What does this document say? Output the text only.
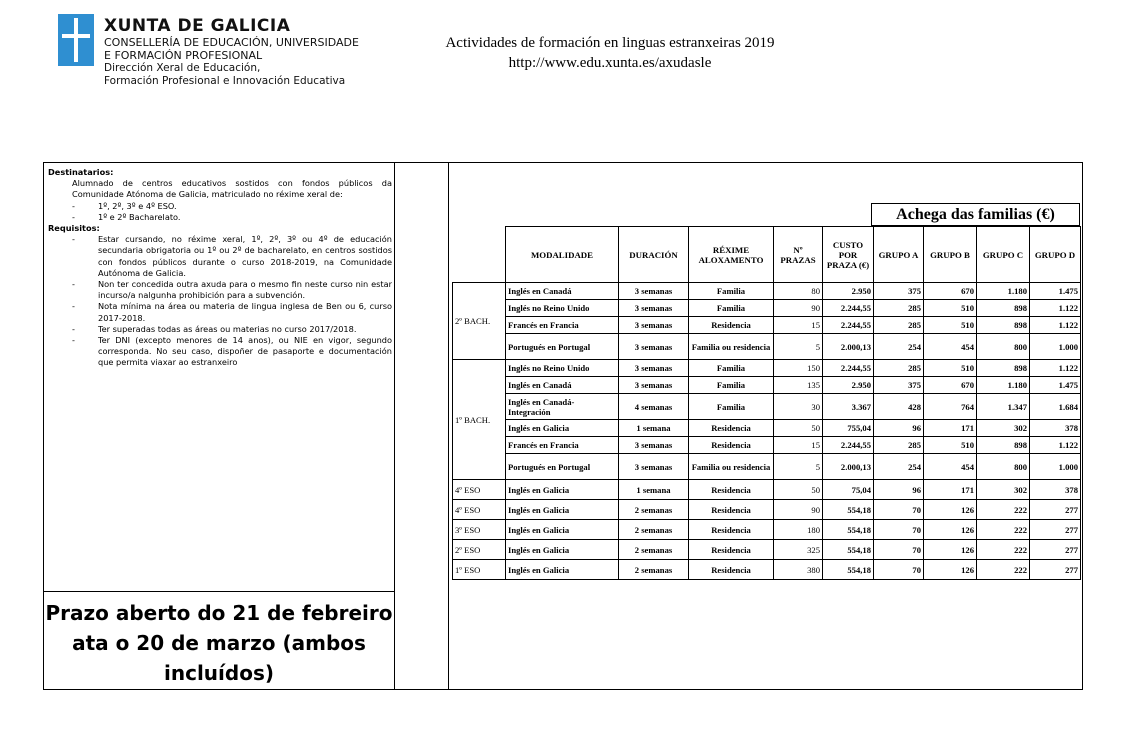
XUNTA DE GALICIA
CONSELLERÍA DE EDUCACIÓN, UNIVERSIDADE
E FORMACIÓN PROFESIONAL
Dirección Xeral de Educación,
Formación Profesional e Innovación Educativa
Actividades de formación en linguas estranxeiras 2019
http://www.edu.xunta.es/axudasle
Destinatarios:
Alumnado de centros educativos sostidos con fondos públicos da Comunidade Atónoma de Galicia, matriculado no réxime xeral de:
-	1º, 2º, 3º e 4º ESO.
-	1º e 2º Bacharelato.
Requisitos:
-	Estar cursando, no réxime xeral, 1º, 2º, 3º ou 4º de educación secundaria obrigatoria ou 1º ou 2º de bacharelato, en centros sostidos con fondos públicos durante o curso 2018-2019, na Comunidade Autónoma de Galicia.
-	Non ter concedida outra axuda para o mesmo fin neste curso nin estar incurso/a nalgunha prohibición para a subvención.
-	Nota mínima na área ou materia de lingua inglesa de Ben ou 6, curso 2017-2018.
-	Ter superadas todas as áreas ou materias no curso 2017/2018.
-	Ter DNI (excepto menores de 14 anos), ou NIE en vigor, segundo corresponda. No seu caso, dispoñer de pasaporte e documentación que permita viaxar ao estranxeiro
Prazo aberto do 21 de febreiro
ata o 20 de marzo (ambos
incluídos)
Achega das familias (€)
	MODALIDADE	DURACIÓN	RÉXIME ALOXAMENTO	Nº PRAZAS	CUSTO POR PRAZA (€)	GRUPO A	GRUPO B	GRUPO C	GRUPO D
2º BACH.	Inglés en Canadá	3 semanas	Familia	80	2.950	375	670	1.180	1.475
	Inglés no Reino Unido	3 semanas	Familia	90	2.244,55	285	510	898	1.122
	Francés en Francia	3 semanas	Residencia	15	2.244,55	285	510	898	1.122
	Portugués en Portugal	3 semanas	Familia ou residencia	5	2.000,13	254	454	800	1.000
1º BACH.	Inglés no Reino Unido	3 semanas	Familia	150	2.244,55	285	510	898	1.122
	Inglés en Canadá	3 semanas	Familia	135	2.950	375	670	1.180	1.475
	Inglés en Canadá-Integración	4 semanas	Familia	30	3.367	428	764	1.347	1.684
	Inglés en Galicia	1 semana	Residencia	50	755,04	96	171	302	378
	Francés en Francia	3 semanas	Residencia	15	2.244,55	285	510	898	1.122
	Portugués en Portugal	3 semanas	Familia ou residencia	5	2.000,13	254	454	800	1.000
4º ESO	Inglés en Galicia	1 semana	Residencia	50	75,04	96	171	302	378
4º ESO	Inglés en Galicia	2 semanas	Residencia	90	554,18	70	126	222	277
3º ESO	Inglés en Galicia	2 semanas	Residencia	180	554,18	70	126	222	277
2º ESO	Inglés en Galicia	2 semanas	Residencia	325	554,18	70	126	222	277
1º ESO	Inglés en Galicia	2 semanas	Residencia	380	554,18	70	126	222	277
